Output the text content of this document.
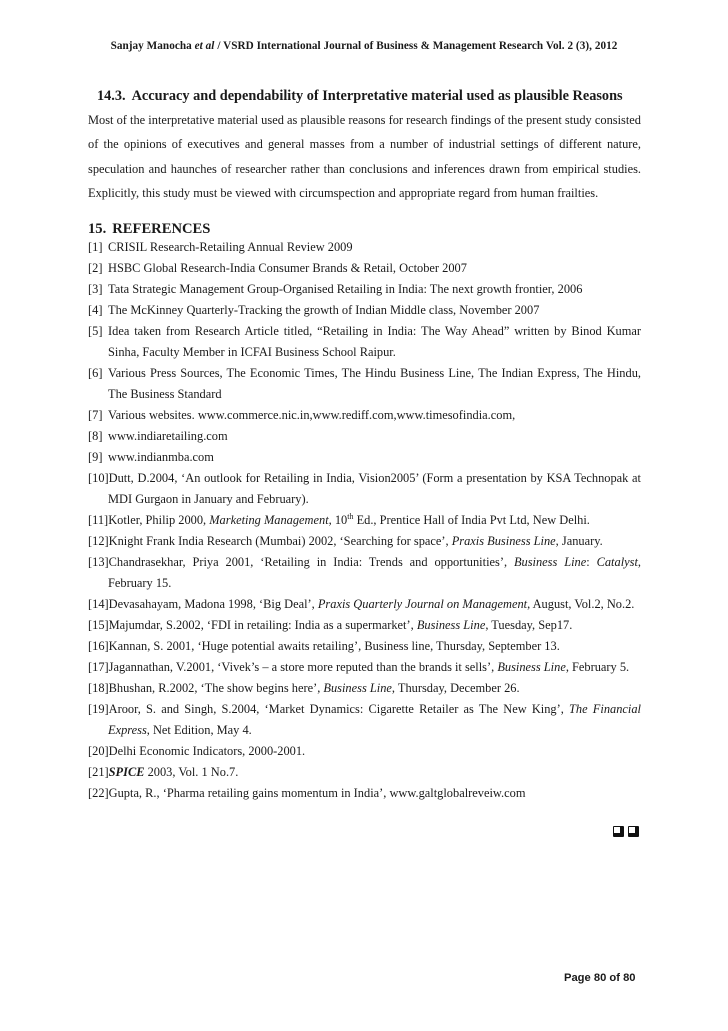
Sanjay Manocha et al / VSRD International Journal of Business & Management Research Vol. 2 (3), 2012
14.3. Accuracy and dependability of Interpretative material used as plausible Reasons
Most of the interpretative material used as plausible reasons for research findings of the present study consisted of the opinions of executives and general masses from a number of industrial settings of different nature, speculation and haunches of researcher rather than conclusions and inferences drawn from empirical studies. Explicitly, this study must be viewed with circumspection and appropriate regard from human frailties.
15. REFERENCES
[1] CRISIL Research-Retailing Annual Review 2009
[2] HSBC Global Research-India Consumer Brands & Retail, October 2007
[3] Tata Strategic Management Group-Organised Retailing in India: The next growth frontier, 2006
[4] The McKinney Quarterly-Tracking the growth of Indian Middle class, November 2007
[5] Idea taken from Research Article titled, “Retailing in India: The Way Ahead” written by Binod Kumar Sinha, Faculty Member in ICFAI Business School Raipur.
[6] Various Press Sources, The Economic Times, The Hindu Business Line, The Indian Express, The Hindu, The Business Standard
[7] Various websites. www.commerce.nic.in,www.rediff.com,www.timesofindia.com,
[8] www.indiaretailing.com
[9] www.indianmba.com
[10]Dutt, D.2004, ‘An outlook for Retailing in India, Vision2005’ (Form a presentation by KSA Technopak at MDI Gurgaon in January and February).
[11]Kotler, Philip 2000, Marketing Management, 10th Ed., Prentice Hall of India Pvt Ltd, New Delhi.
[12]Knight Frank India Research (Mumbai) 2002, ‘Searching for space’, Praxis Business Line, January.
[13]Chandrasekhar, Priya 2001, ‘Retailing in India: Trends and opportunities’, Business Line: Catalyst, February 15.
[14]Devasahayam, Madona 1998, ‘Big Deal’, Praxis Quarterly Journal on Management, August, Vol.2, No.2.
[15]Majumdar, S.2002, ‘FDI in retailing: India as a supermarket’, Business Line, Tuesday, Sep17.
[16]Kannan, S. 2001, ‘Huge potential awaits retailing’, Business line, Thursday, September 13.
[17]Jagannathan, V.2001, ‘Vivek’s – a store more reputed than the brands it sells’, Business Line, February 5.
[18]Bhushan, R.2002, ‘The show begins here’, Business Line, Thursday, December 26.
[19]Aroor, S. and Singh, S.2004, ‘Market Dynamics: Cigarette Retailer as The New King’, The Financial Express, Net Edition, May 4.
[20]Delhi Economic Indicators, 2000-2001.
[21]SPICE 2003, Vol. 1 No.7.
[22]Gupta, R., ‘Pharma retailing gains momentum in India’, www.galtglobalreveiw.com
Page 80 of 80
